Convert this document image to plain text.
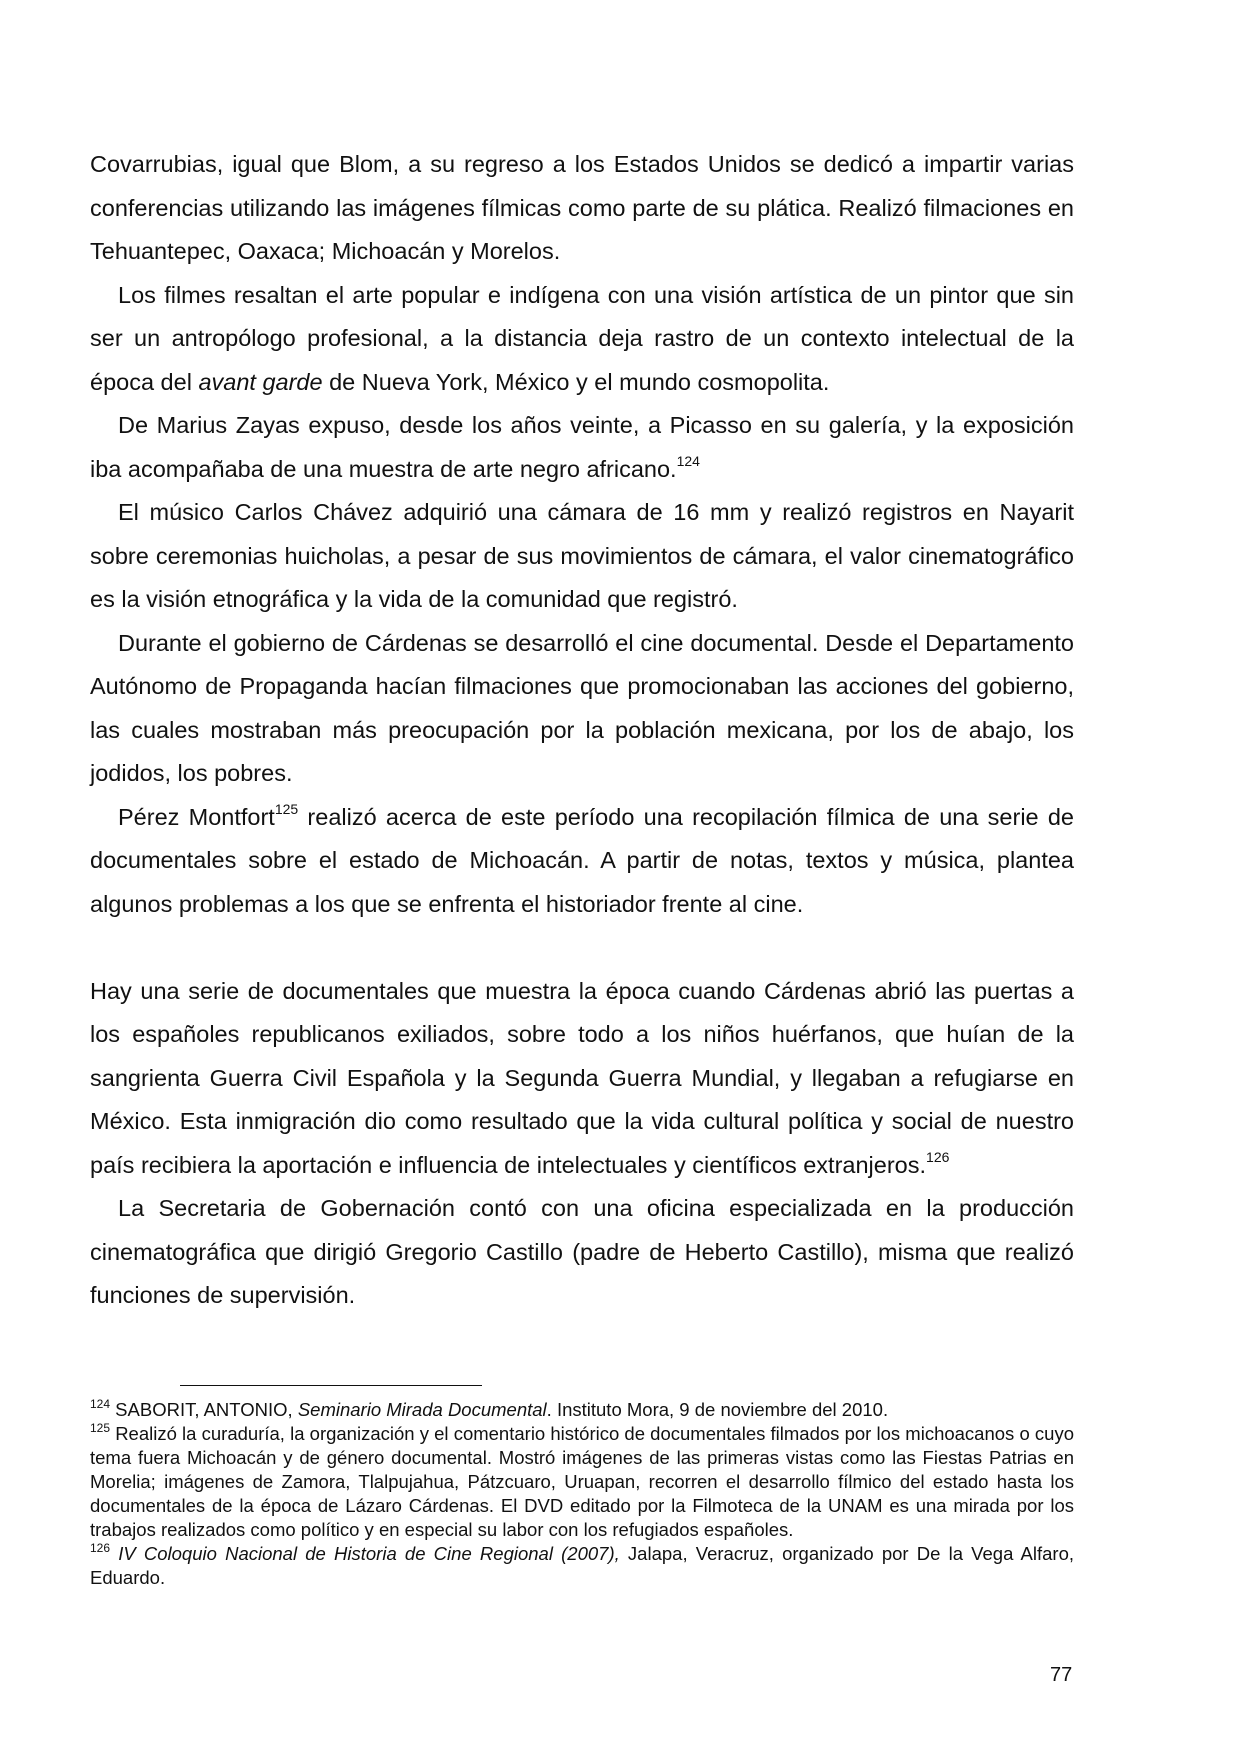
Covarrubias, igual que Blom, a su regreso a los Estados Unidos se dedicó a impartir varias conferencias utilizando las imágenes fílmicas como parte de su plática. Realizó filmaciones en Tehuantepec, Oaxaca; Michoacán y Morelos.

Los filmes resaltan el arte popular e indígena con una visión artística de un pintor que sin ser un antropólogo profesional, a la distancia deja rastro de un contexto intelectual de la época del avant garde de Nueva York, México y el mundo cosmopolita.

De Marius Zayas expuso, desde los años veinte, a Picasso en su galería, y la exposición iba acompañaba de una muestra de arte negro africano.$^{124}$

El músico Carlos Chávez adquirió una cámara de 16 mm y realizó registros en Nayarit sobre ceremonias huicholas, a pesar de sus movimientos de cámara, el valor cinematográfico es la visión etnográfica y la vida de la comunidad que registró.

Durante el gobierno de Cárdenas se desarrolló el cine documental. Desde el Departamento Autónomo de Propaganda hacían filmaciones que promocionaban las acciones del gobierno, las cuales mostraban más preocupación por la población mexicana, por los de abajo, los jodidos, los pobres.

Pérez Montfort$^{125}$ realizó acerca de este período una recopilación fílmica de una serie de documentales sobre el estado de Michoacán. A partir de notas, textos y música, plantea algunos problemas a los que se enfrenta el historiador frente al cine.

Hay una serie de documentales que muestra la época cuando Cárdenas abrió las puertas a los españoles republicanos exiliados, sobre todo a los niños huérfanos, que huían de la sangrienta Guerra Civil Española y la Segunda Guerra Mundial, y llegaban a refugiarse en México. Esta inmigración dio como resultado que la vida cultural política y social de nuestro país recibiera la aportación e influencia de intelectuales y científicos extranjeros.$^{126}$

La Secretaria de Gobernación contó con una oficina especializada en la producción cinematográfica que dirigió Gregorio Castillo (padre de Heberto Castillo), misma que realizó funciones de supervisión.

$^{124}$ SABORIT, ANTONIO, Seminario Mirada Documental. Instituto Mora, 9 de noviembre del 2010.

$^{125}$ Realizó la curaduría, la organización y el comentario histórico de documentales filmados por los michoacanos o cuyo tema fuera Michoacán y de género documental. Mostró imágenes de las primeras vistas como las Fiestas Patrias en Morelia; imágenes de Zamora, Tlalpujahua, Pátzcuaro, Uruapan, recorren el desarrollo fílmico del estado hasta los documentales de la época de Lázaro Cárdenas. El DVD editado por la Filmoteca de la UNAM es una mirada por los trabajos realizados como político y en especial su labor con los refugiados españoles.

$^{126}$ IV Coloquio Nacional de Historia de Cine Regional (2007), Jalapa, Veracruz, organizado por De la Vega Alfaro, Eduardo.

77
